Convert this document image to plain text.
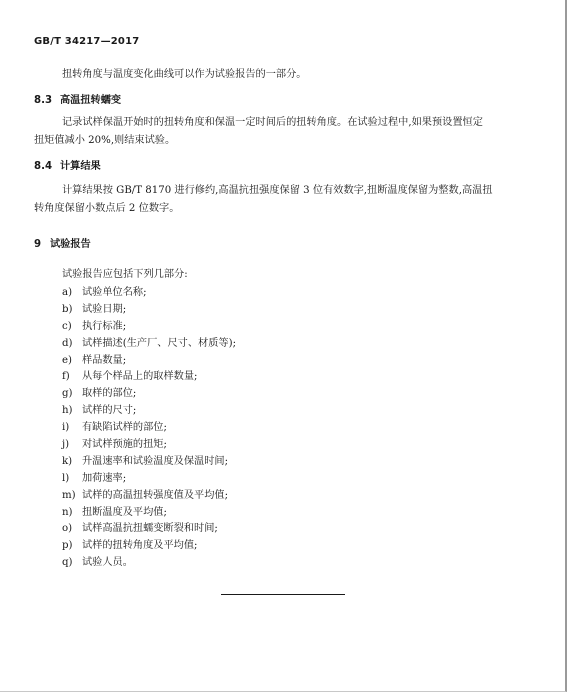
GB/T 34217—2017
扭转角度与温度变化曲线可以作为试验报告的一部分。
8.3 高温扭转蠕变
记录试样保温开始时的扭转角度和保温一定时间后的扭转角度。在试验过程中,如果预设置恒定
扭矩值减小 20%,则结束试验。
8.4 计算结果
计算结果按 GB/T 8170 进行修约,高温抗扭强度保留 3 位有效数字,扭断温度保留为整数,高温扭
转角度保留小数点后 2 位数字。
9 试验报告
试验报告应包括下列几部分:
a) 试验单位名称;
b) 试验日期;
c) 执行标准;
d) 试样描述(生产厂、尺寸、材质等);
e) 样品数量;
f) 从每个样品上的取样数量;
g) 取样的部位;
h) 试样的尺寸;
i) 有缺陷试样的部位;
j) 对试样预施的扭矩;
k) 升温速率和试验温度及保温时间;
l) 加荷速率;
m) 试样的高温扭转强度值及平均值;
n) 扭断温度及平均值;
o) 试样高温抗扭蠕变断裂和时间;
p) 试样的扭转角度及平均值;
q) 试验人员。
